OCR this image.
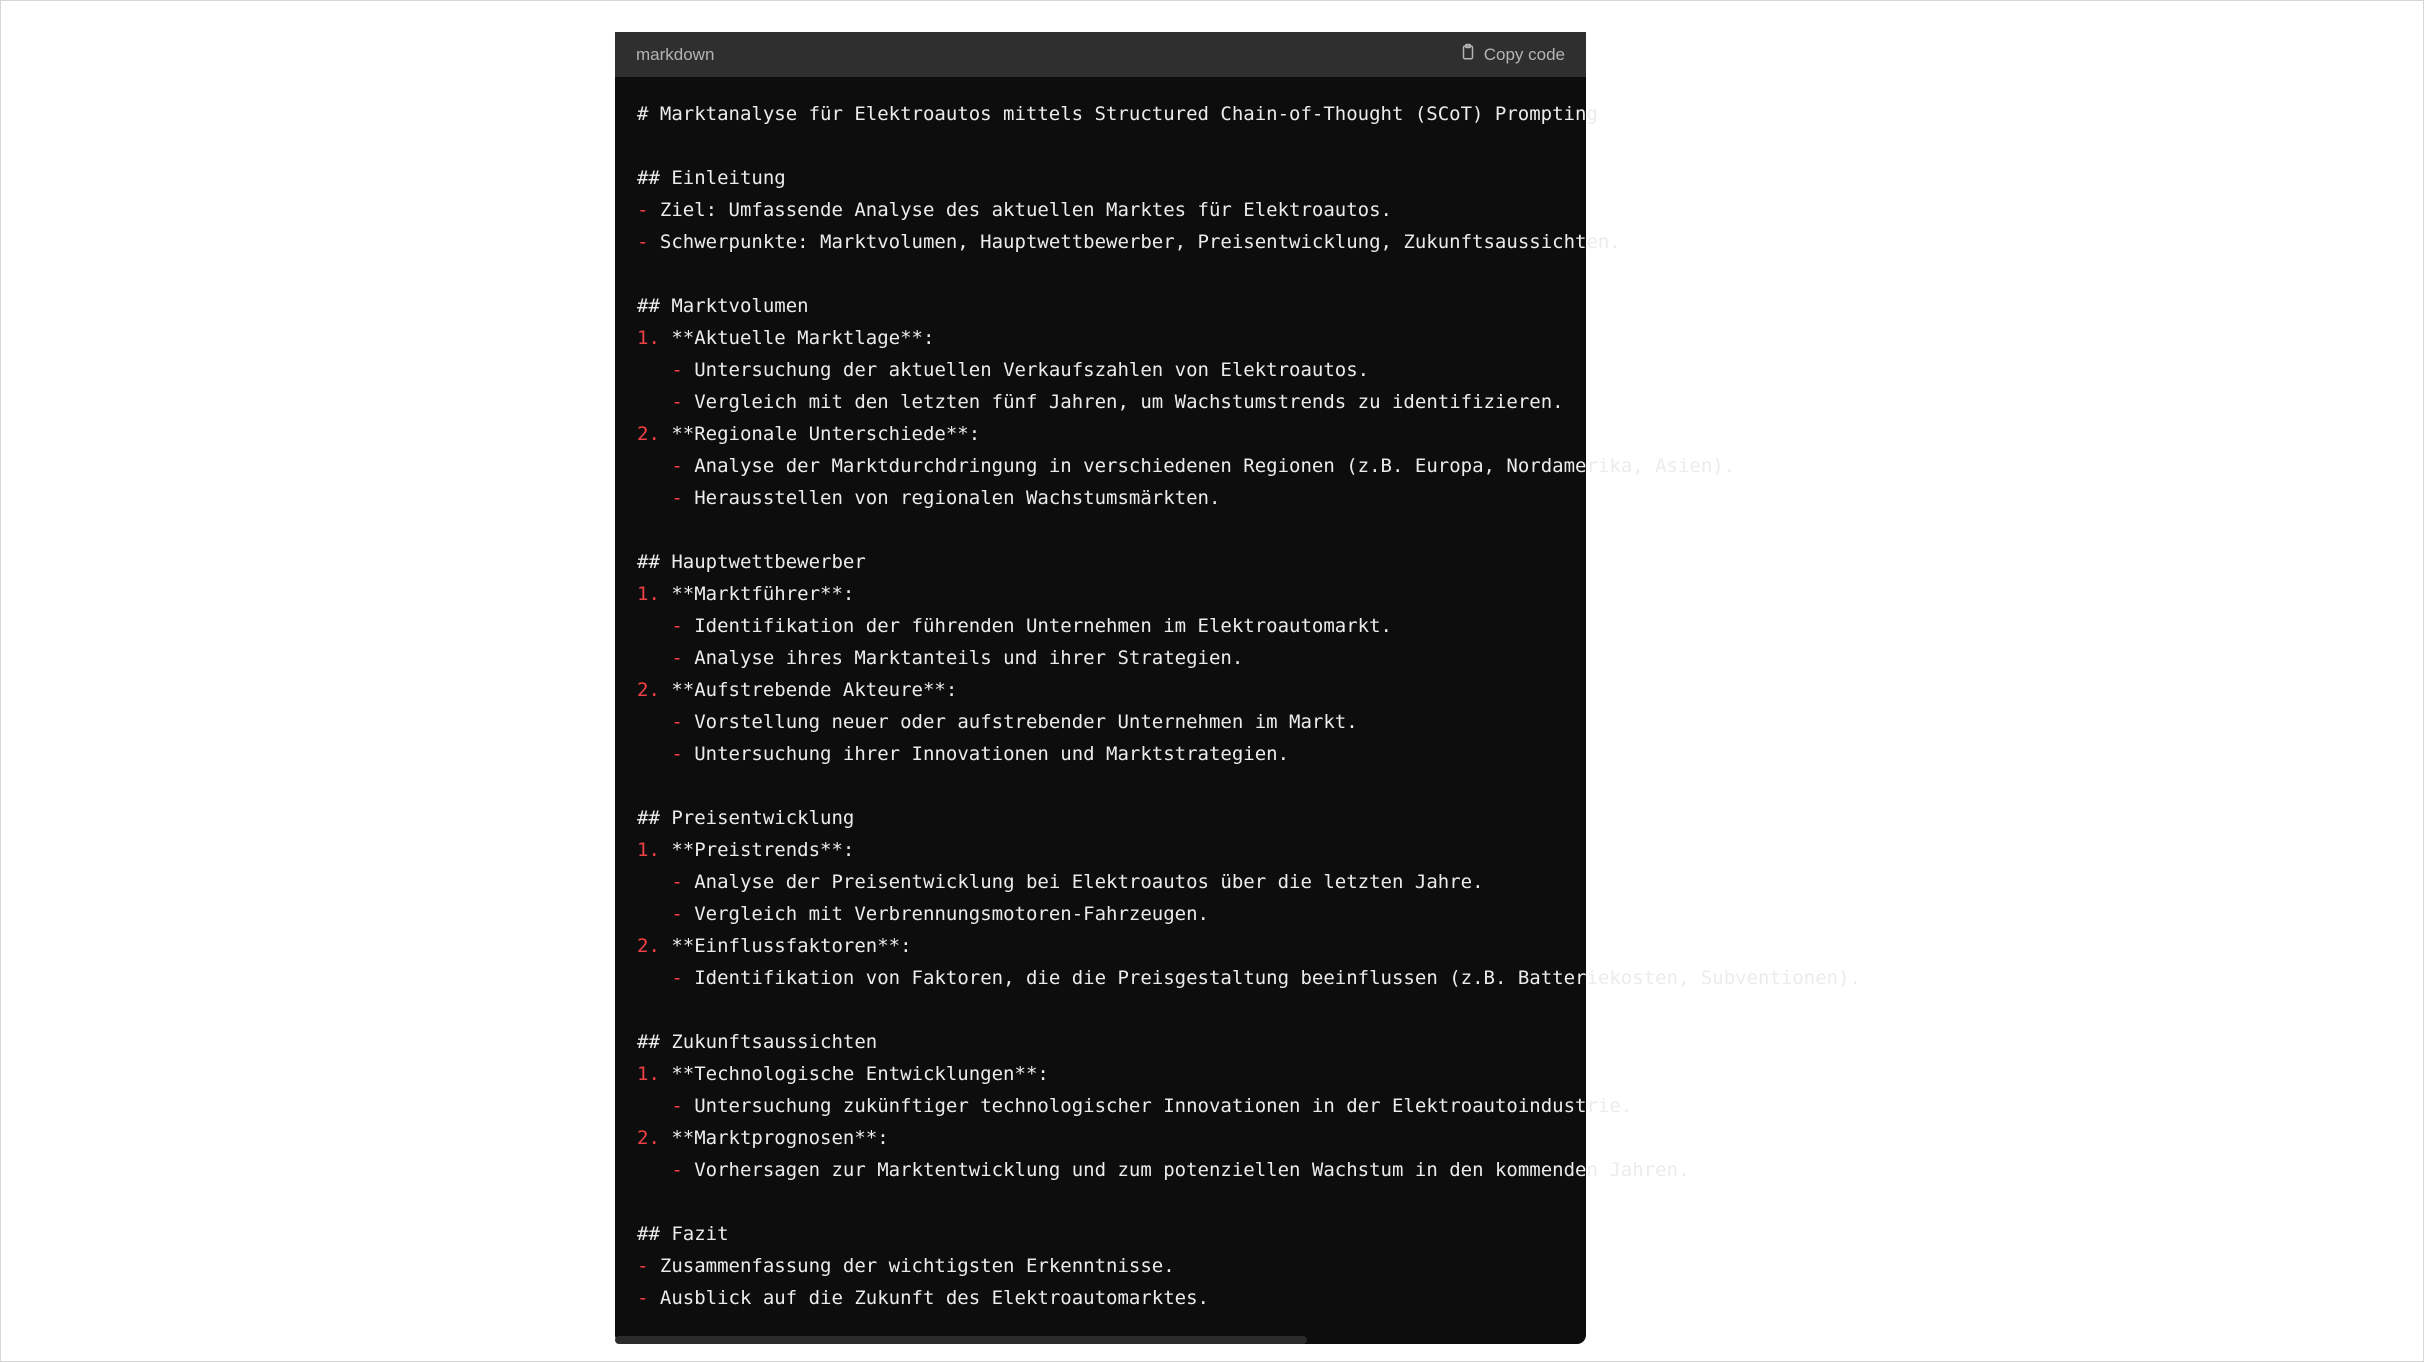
markdown	Copy code
# Marktanalyse für Elektroautos mittels Structured Chain-of-Thought (SCoT) Prompting
## Einleitung
- Ziel: Umfassende Analyse des aktuellen Marktes für Elektroautos.
- Schwerpunkte: Marktvolumen, Hauptwettbewerber, Preisentwicklung, Zukunftsaussichten.
## Marktvolumen
1. **Aktuelle Marktlage**:
- Untersuchung der aktuellen Verkaufszahlen von Elektroautos.
- Vergleich mit den letzten fünf Jahren, um Wachstumstrends zu identifizieren.
2. **Regionale Unterschiede**:
- Analyse der Marktdurchdringung in verschiedenen Regionen (z.B. Europa, Nordamerika, Asien).
- Herausstellen von regionalen Wachstumsmärkten.
## Hauptwettbewerber
1. **Marktführer**:
- Identifikation der führenden Unternehmen im Elektroautomarkt.
- Analyse ihres Marktanteils und ihrer Strategien.
2. **Aufstrebende Akteure**:
- Vorstellung neuer oder aufstrebender Unternehmen im Markt.
- Untersuchung ihrer Innovationen und Marktstrategien.
## Preisentwicklung
1. **Preistrends**:
- Analyse der Preisentwicklung bei Elektroautos über die letzten Jahre.
- Vergleich mit Verbrennungsmotoren-Fahrzeugen.
2. **Einflussfaktoren**:
- Identifikation von Faktoren, die die Preisgestaltung beeinflussen (z.B. Batteriekosten, Subventionen).
## Zukunftsaussichten
1. **Technologische Entwicklungen**:
- Untersuchung zukünftiger technologischer Innovationen in der Elektroautoindustrie.
2. **Marktprognosen**:
- Vorhersagen zur Marktentwicklung und zum potenziellen Wachstum in den kommenden Jahren.
## Fazit
- Zusammenfassung der wichtigsten Erkenntnisse.
- Ausblick auf die Zukunft des Elektroautomarktes.
